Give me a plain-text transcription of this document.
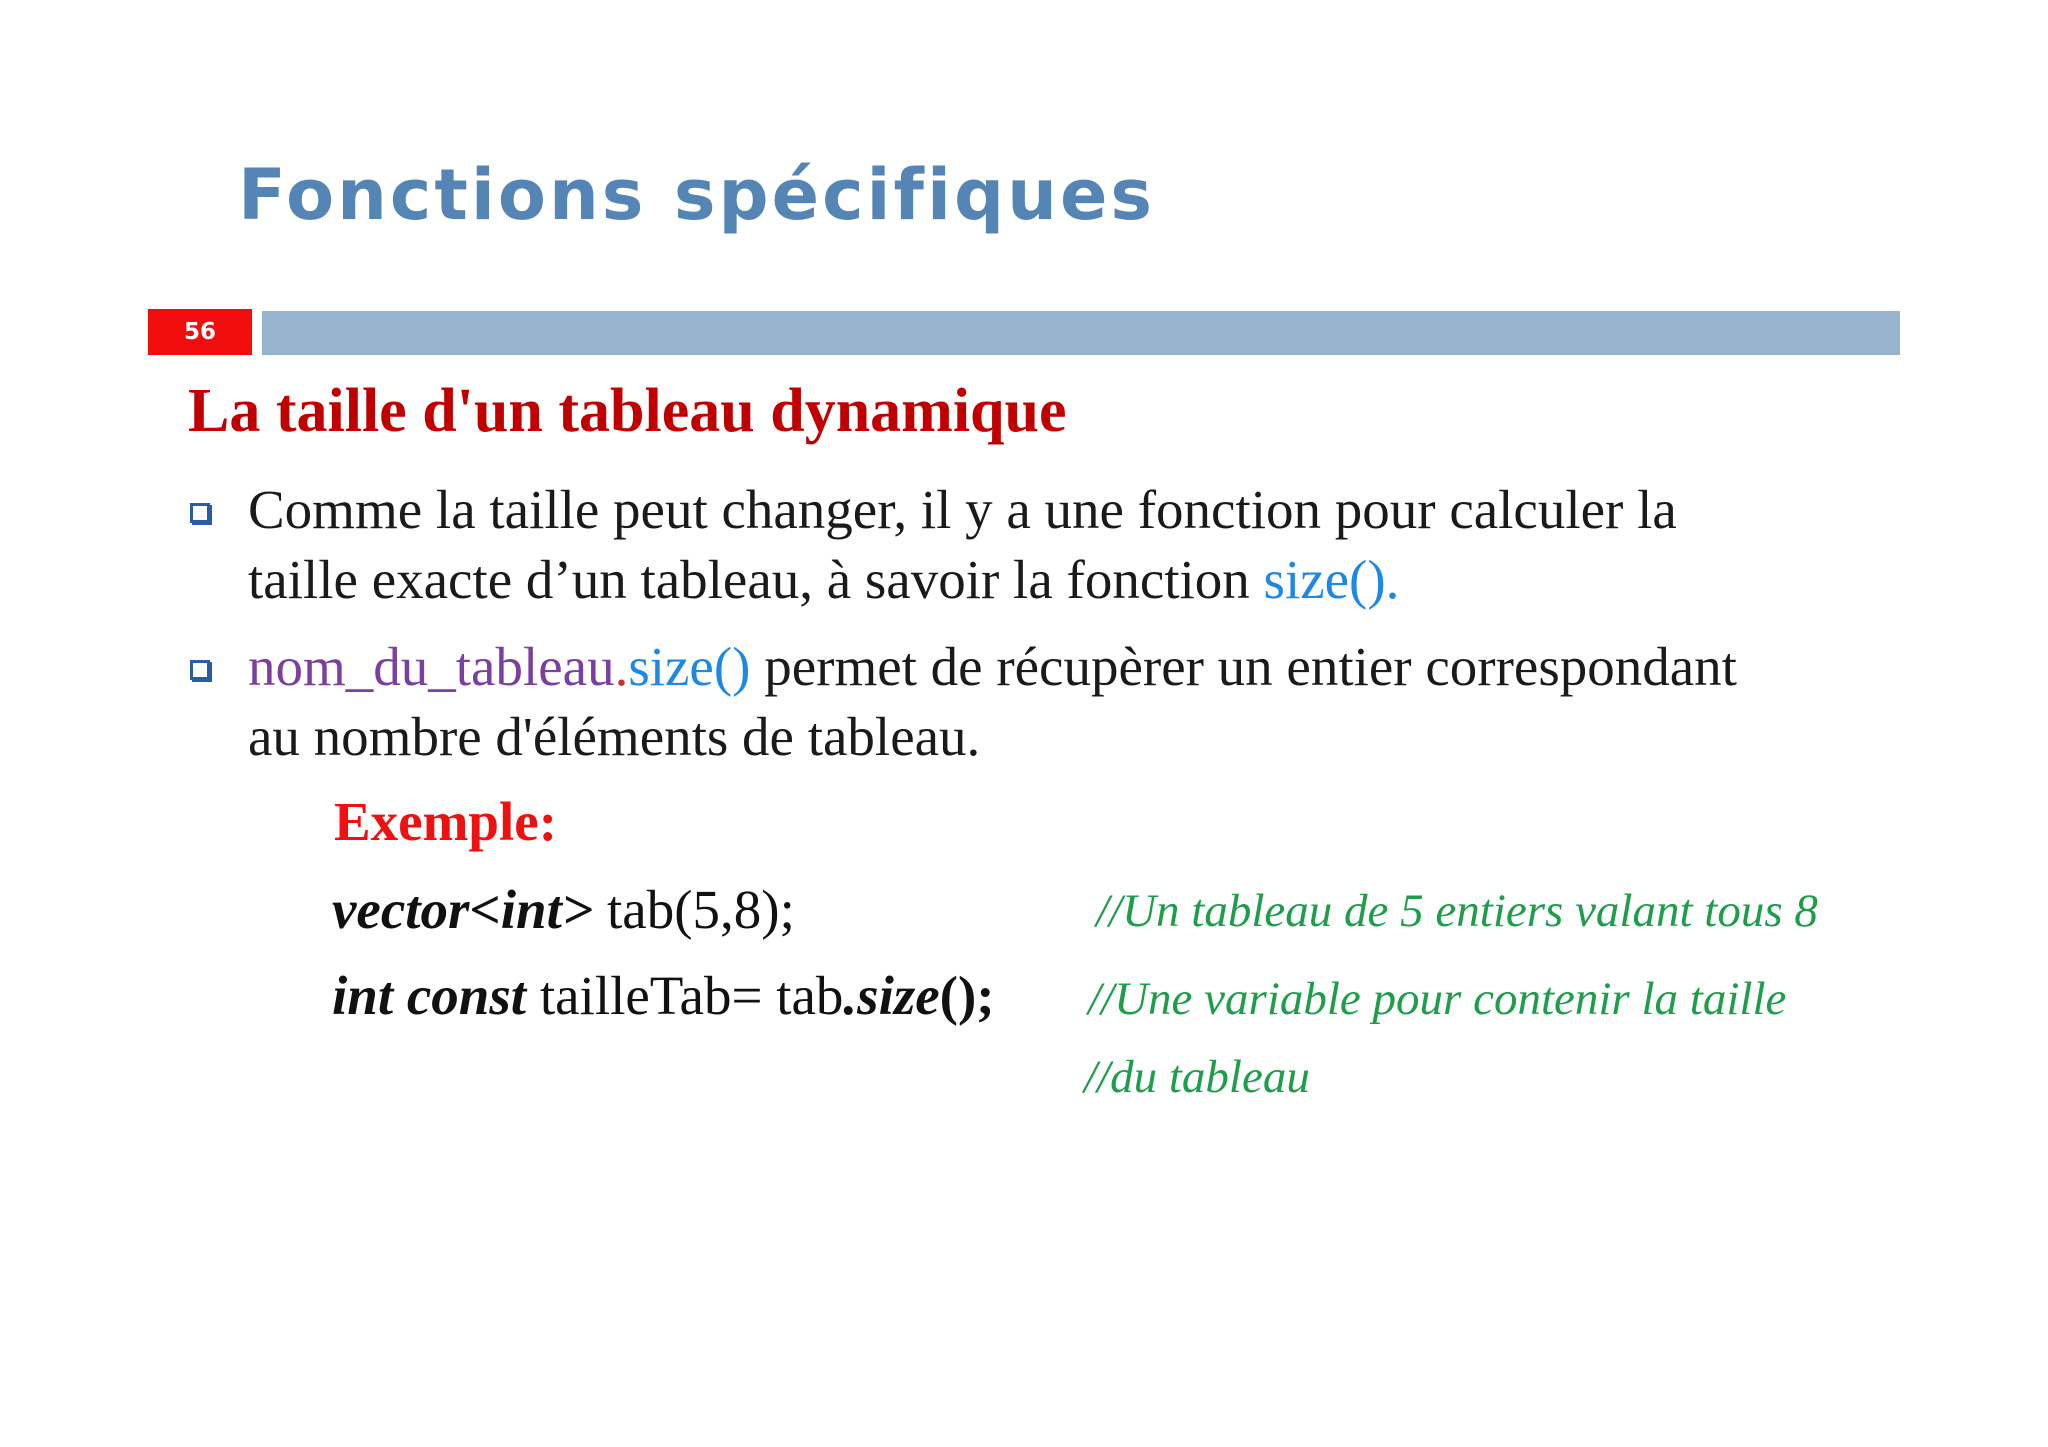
Fonctions spécifiques
56
La taille d'un tableau dynamique
Comme la taille peut changer, il y a une fonction pour calculer la
taille exacte d’un tableau, à savoir la fonction size().
nom_du_tableau.size() permet de récupèrer un entier correspondant
au nombre d'éléments de tableau.
Exemple:
vector<int> tab(5,8);	//Un tableau de 5 entiers valant tous 8
int const tailleTab= tab.size(); //Une variable pour contenir la taille
//du tableau
